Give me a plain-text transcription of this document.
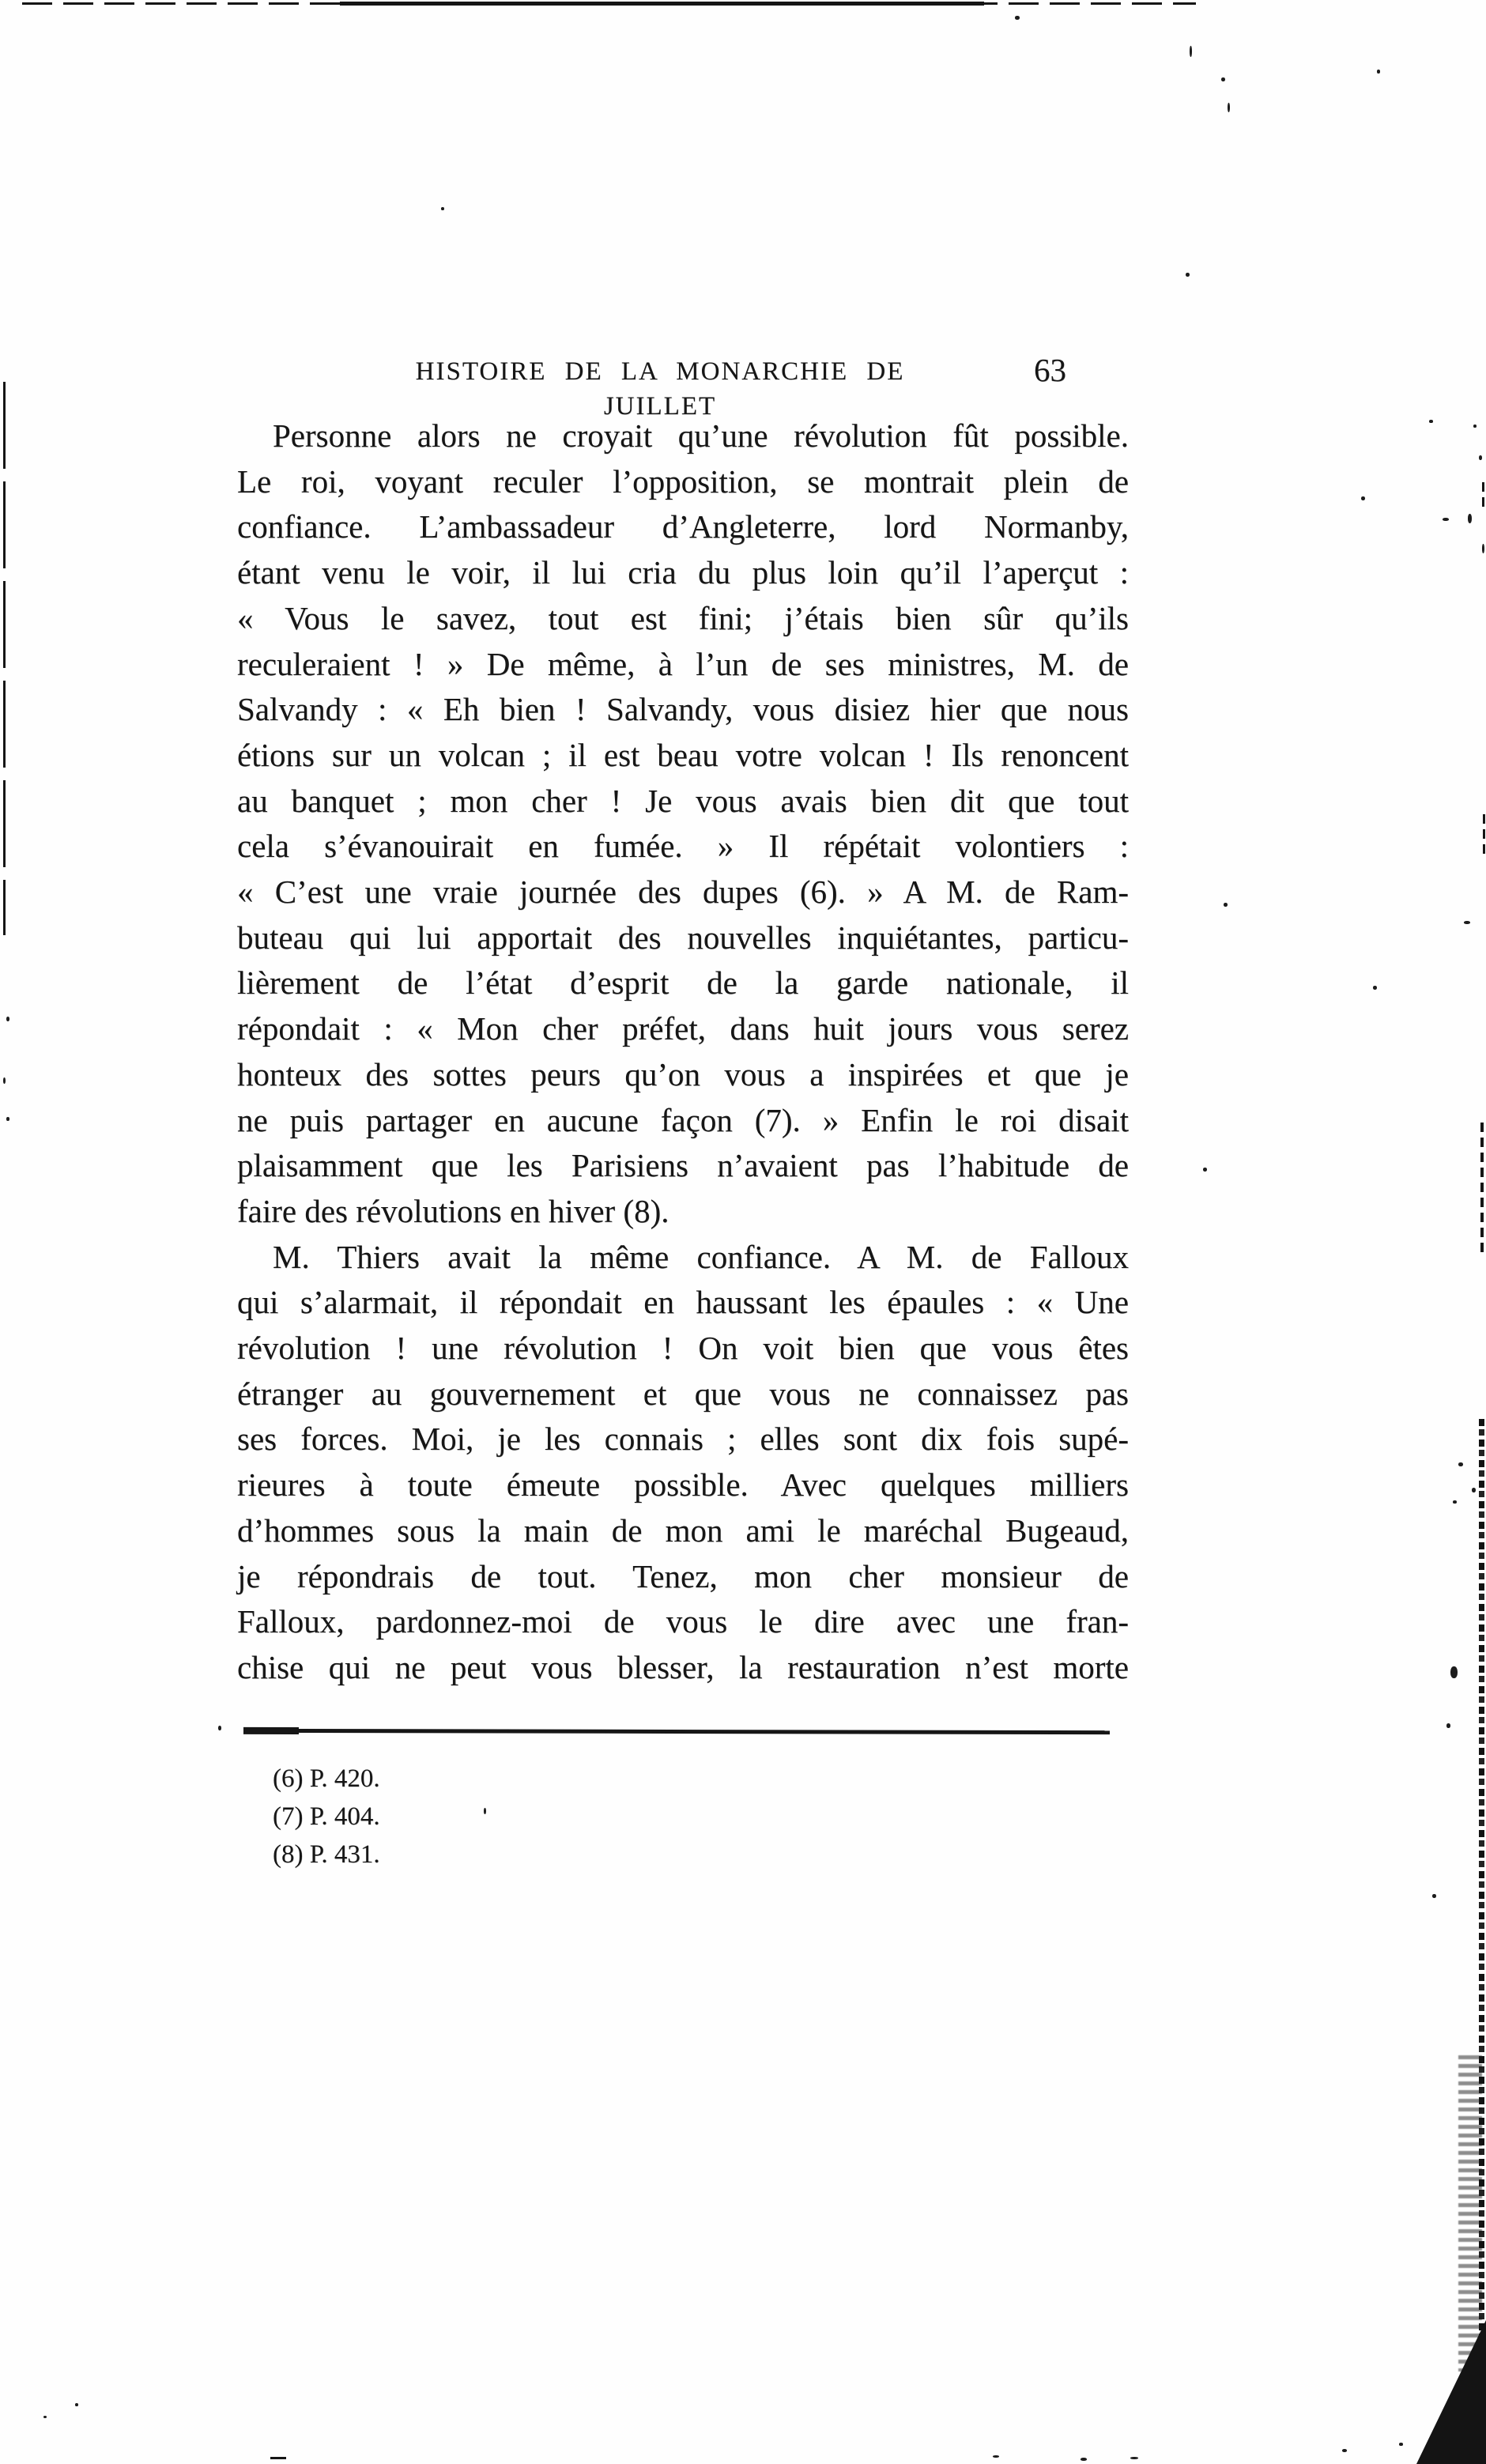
HISTOIRE DE LA MONARCHIE DE JUILLET
63
Personne alors ne croyait qu’une révolution fût possible.
Le roi, voyant reculer l’opposition, se montrait plein de
confiance. L’ambassadeur d’Angleterre, lord Normanby,
étant venu le voir, il lui cria du plus loin qu’il l’aperçut :
« Vous le savez, tout est fini; j’étais bien sûr qu’ils
reculeraient ! » De même, à l’un de ses ministres, M. de
Salvandy : « Eh bien ! Salvandy, vous disiez hier que nous
étions sur un volcan ; il est beau votre volcan ! Ils renoncent
au banquet ; mon cher ! Je vous avais bien dit que tout
cela s’évanouirait en fumée. » Il répétait volontiers :
« C’est une vraie journée des dupes (6). » A M. de Ram-
buteau qui lui apportait des nouvelles inquiétantes, particu-
lièrement de l’état d’esprit de la garde nationale, il
répondait : « Mon cher préfet, dans huit jours vous serez
honteux des sottes peurs qu’on vous a inspirées et que je
ne puis partager en aucune façon (7). » Enfin le roi disait
plaisamment que les Parisiens n’avaient pas l’habitude de
faire des révolutions en hiver (8).
M. Thiers avait la même confiance. A M. de Falloux
qui s’alarmait, il répondait en haussant les épaules : « Une
révolution ! une révolution ! On voit bien que vous êtes
étranger au gouvernement et que vous ne connaissez pas
ses forces. Moi, je les connais ; elles sont dix fois supé-
rieures à toute émeute possible. Avec quelques milliers
d’hommes sous la main de mon ami le maréchal Bugeaud,
je répondrais de tout. Tenez, mon cher monsieur de
Falloux, pardonnez-moi de vous le dire avec une fran-
chise qui ne peut vous blesser, la restauration n’est morte
(6) P. 420.
(7) P. 404.
(8) P. 431.
